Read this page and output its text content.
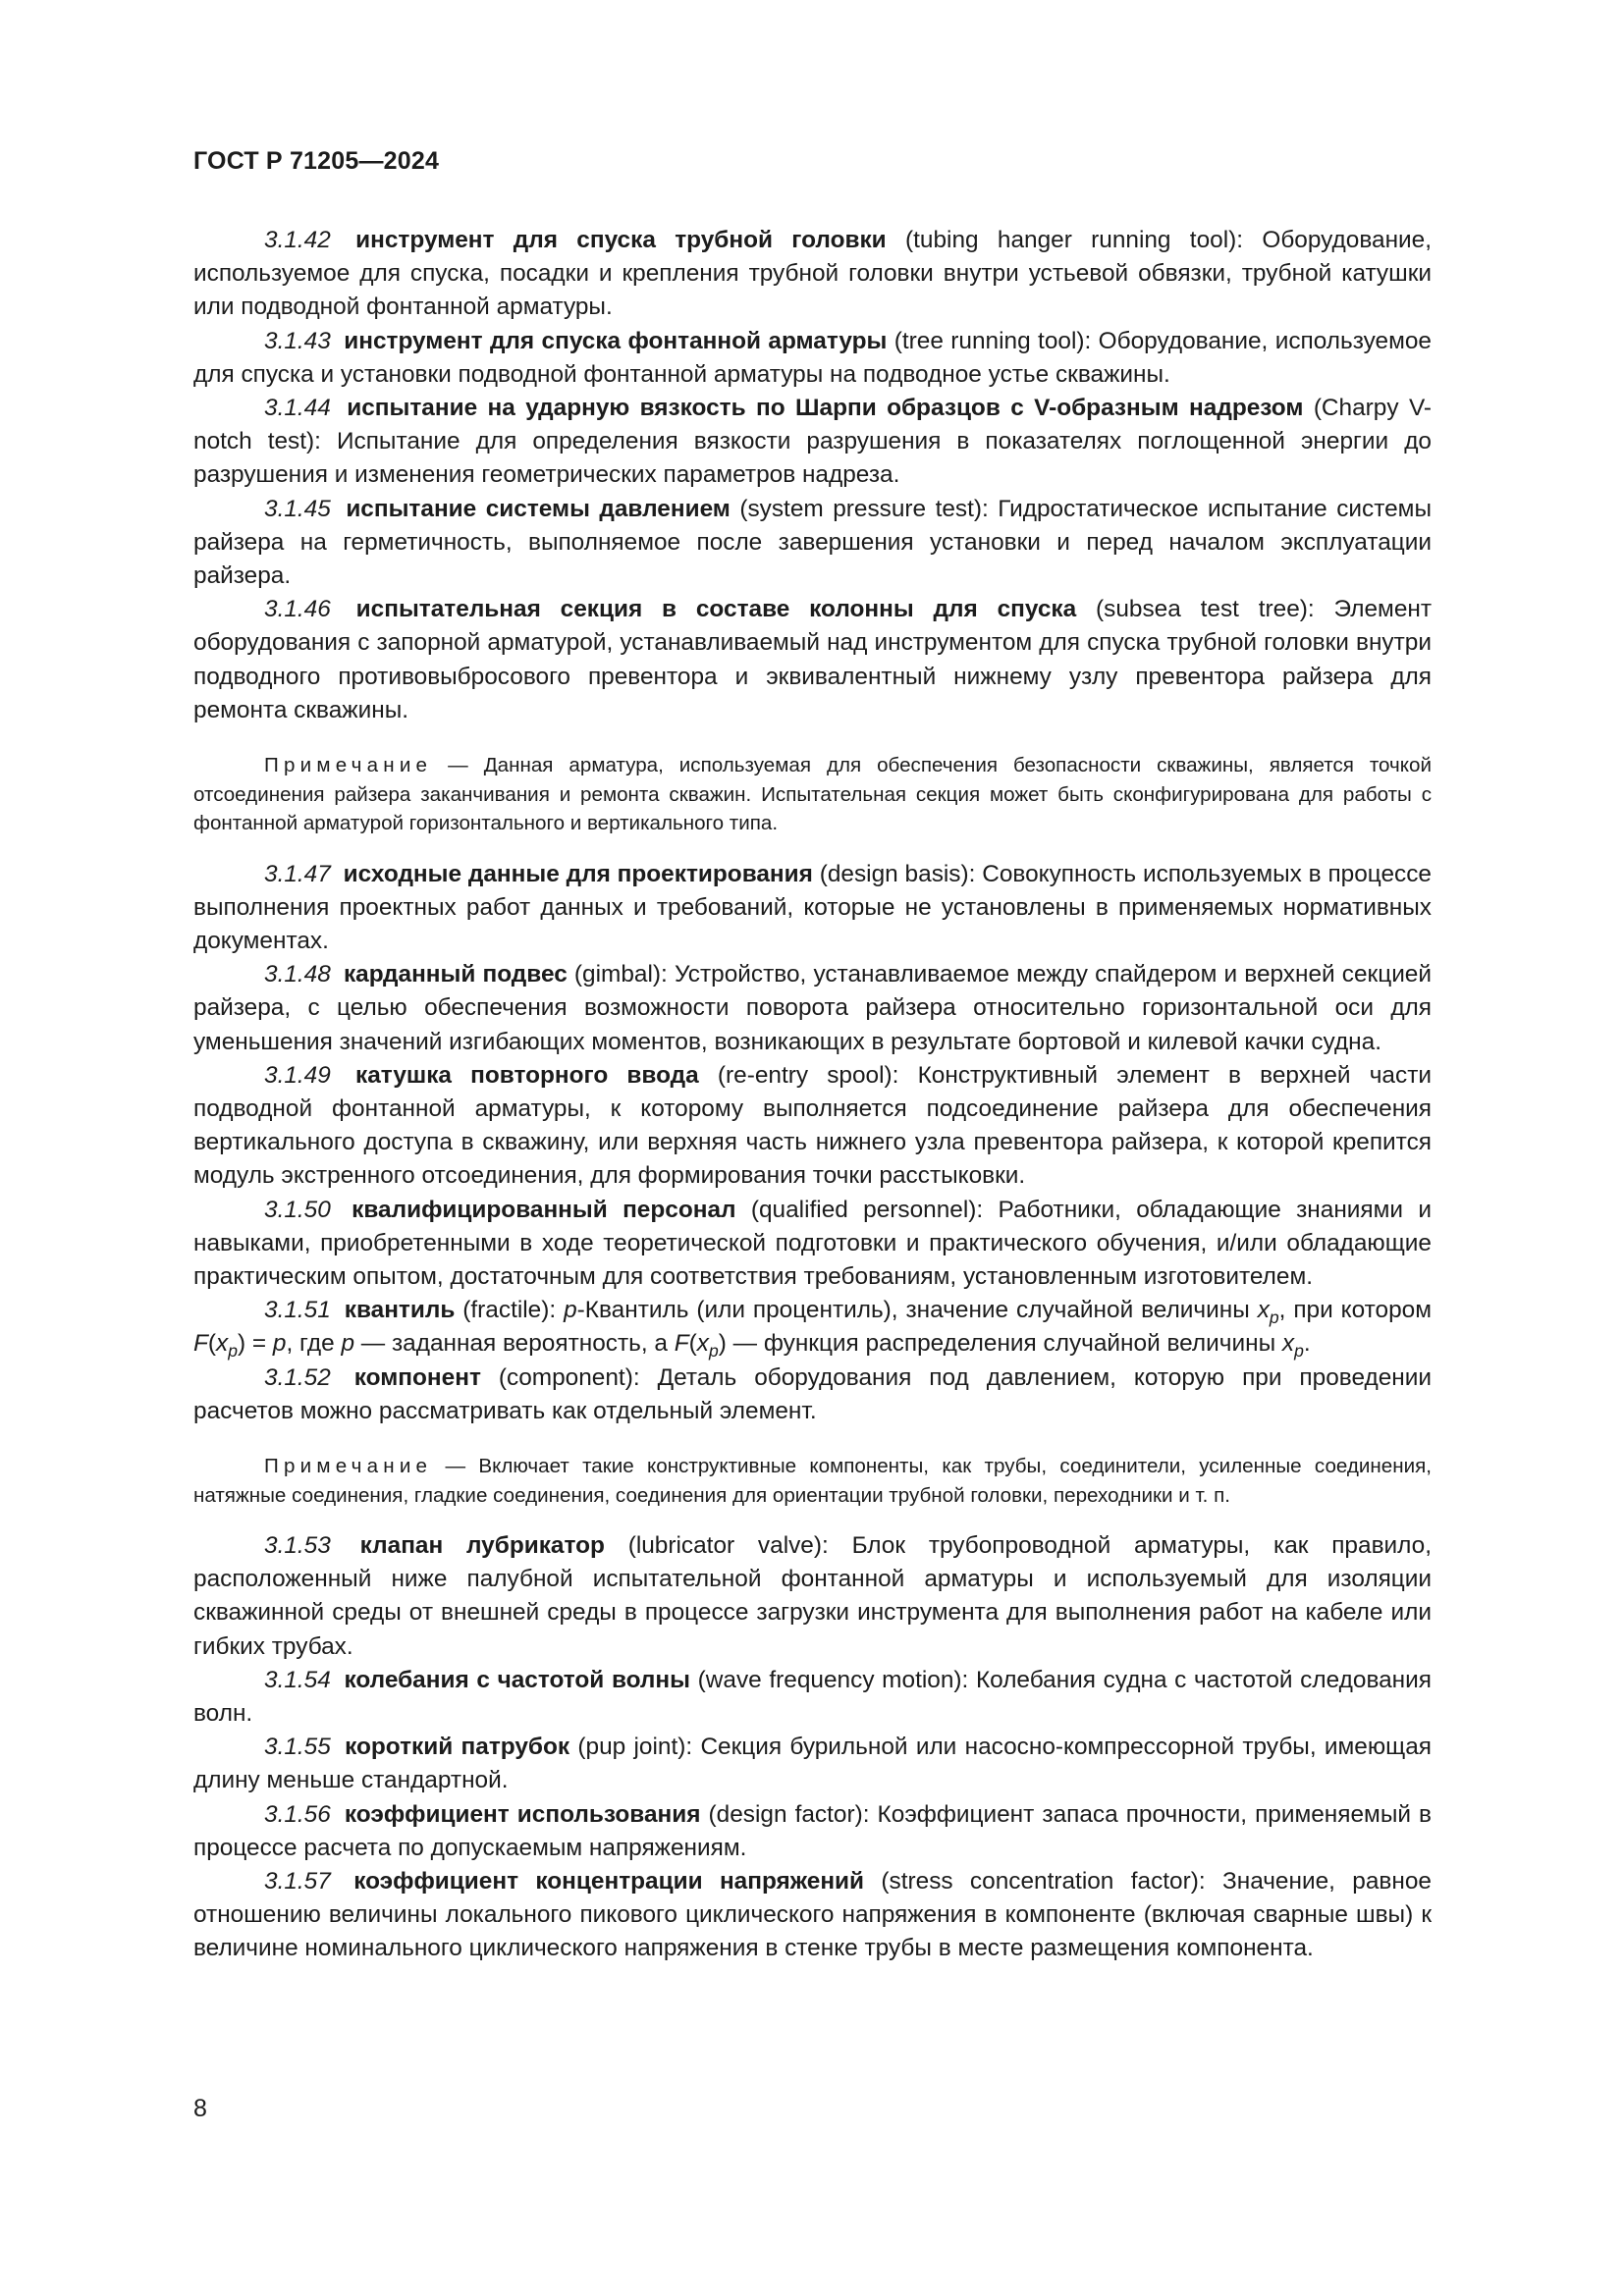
ГОСТ Р 71205—2024

3.1.42 инструмент для спуска трубной головки (tubing hanger running tool): Оборудование, используемое для спуска, посадки и крепления трубной головки внутри устьевой обвязки, трубной катушки или подводной фонтанной арматуры.

3.1.43 инструмент для спуска фонтанной арматуры (tree running tool): Оборудование, используемое для спуска и установки подводной фонтанной арматуры на подводное устье скважины.

3.1.44 испытание на ударную вязкость по Шарпи образцов с V-образным надрезом (Charpy V-notch test): Испытание для определения вязкости разрушения в показателях поглощенной энергии до разрушения и изменения геометрических параметров надреза.

3.1.45 испытание системы давлением (system pressure test): Гидростатическое испытание системы райзера на герметичность, выполняемое после завершения установки и перед началом эксплуатации райзера.

3.1.46 испытательная секция в составе колонны для спуска (subsea test tree): Элемент оборудования с запорной арматурой, устанавливаемый над инструментом для спуска трубной головки внутри подводного противовыбросового превентора и эквивалентный нижнему узлу превентора райзера для ремонта скважины.

Примечание — Данная арматура, используемая для обеспечения безопасности скважины, является точкой отсоединения райзера заканчивания и ремонта скважин. Испытательная секция может быть сконфигурирована для работы с фонтанной арматурой горизонтального и вертикального типа.

3.1.47 исходные данные для проектирования (design basis): Совокупность используемых в процессе выполнения проектных работ данных и требований, которые не установлены в применяемых нормативных документах.

3.1.48 карданный подвес (gimbal): Устройство, устанавливаемое между спайдером и верхней секцией райзера, с целью обеспечения возможности поворота райзера относительно горизонтальной оси для уменьшения значений изгибающих моментов, возникающих в результате бортовой и килевой качки судна.

3.1.49 катушка повторного ввода (re-entry spool): Конструктивный элемент в верхней части подводной фонтанной арматуры, к которому выполняется подсоединение райзера для обеспечения вертикального доступа в скважину, или верхняя часть нижнего узла превентора райзера, к которой крепится модуль экстренного отсоединения, для формирования точки расстыковки.

3.1.50 квалифицированный персонал (qualified personnel): Работники, обладающие знаниями и навыками, приобретенными в ходе теоретической подготовки и практического обучения, и/или обладающие практическим опытом, достаточным для соответствия требованиям, установленным изготовителем.

3.1.51 квантиль (fractile): p-Квантиль (или процентиль), значение случайной величины $x_p$, при котором $F(x_p) = p$, где p — заданная вероятность, а $F(x_p)$ — функция распределения случайной величины $x_p$.

3.1.52 компонент (component): Деталь оборудования под давлением, которую при проведении расчетов можно рассматривать как отдельный элемент.

Примечание — Включает такие конструктивные компоненты, как трубы, соединители, усиленные соединения, натяжные соединения, гладкие соединения, соединения для ориентации трубной головки, переходники и т. п.

3.1.53 клапан лубрикатор (lubricator valve): Блок трубопроводной арматуры, как правило, расположенный ниже палубной испытательной фонтанной арматуры и используемый для изоляции скважинной среды от внешней среды в процессе загрузки инструмента для выполнения работ на кабеле или гибких трубах.

3.1.54 колебания с частотой волны (wave frequency motion): Колебания судна с частотой следования волн.

3.1.55 короткий патрубок (pup joint): Секция бурильной или насосно-компрессорной трубы, имеющая длину меньше стандартной.

3.1.56 коэффициент использования (design factor): Коэффициент запаса прочности, применяемый в процессе расчета по допускаемым напряжениям.

3.1.57 коэффициент концентрации напряжений (stress concentration factor): Значение, равное отношению величины локального пикового циклического напряжения в компоненте (включая сварные швы) к величине номинального циклического напряжения в стенке трубы в месте размещения компонента.

8
